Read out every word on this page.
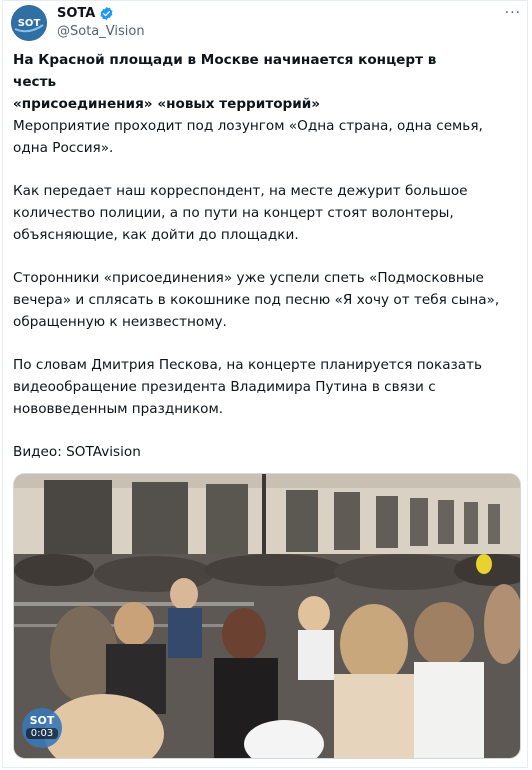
SOT
SOTA
@Sota_Vision
···
На Красной площади в Москве начинается концерт в честь
«присоединения» «новых территорий»

Мероприятие проходит под лозунгом «Одна страна, одна семья, одна Россия».

Как передает наш корреспондент, на месте дежурит большое количество полиции, а по пути на концерт стоят волонтеры, объясняющие, как дойти до площадки.

Сторонники «присоединения» уже успели спеть «Подмосковные вечера» и сплясать в кокошнике под песню «Я хочу от тебя сына», обращенную к неизвестному.

По словам Дмитрия Пескова, на концерте планируется показать видеообращение президента Владимира Путина в связи с нововведенным праздником.

Видео: SOTAvision

SOT
0:03
